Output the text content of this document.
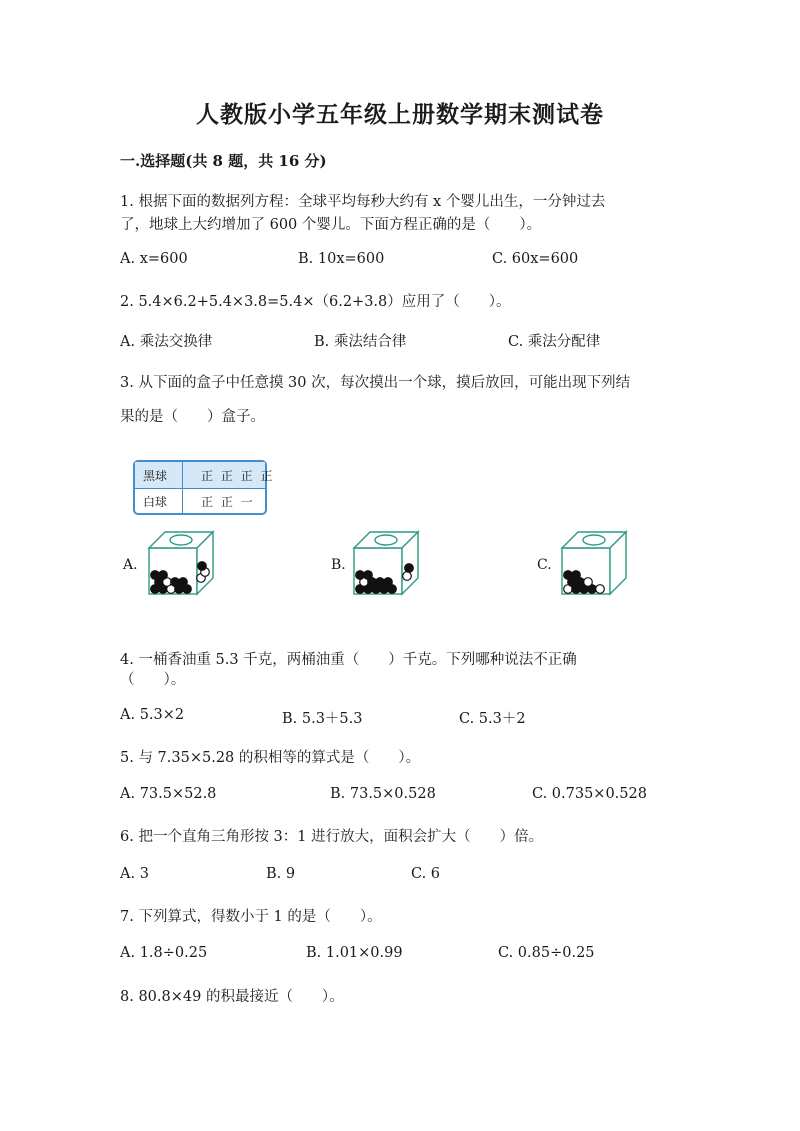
人教版小学五年级上册数学期末测试卷
一.选择题(共 8 题，共 16 分)
1. 根据下面的数据列方程：全球平均每秒大约有 x 个婴儿出生，一分钟过去
了，地球上大约增加了 600 个婴儿。下面方程正确的是（　　）。
A. x=600	B. 10x=600	C. 60x=600
2. 5.4×6.2+5.4×3.8=5.4×（6.2+3.8）应用了（　　）。
A. 乘法交换律	B. 乘法结合律	C. 乘法分配律
3. 从下面的盒子中任意摸 30 次，每次摸出一个球，摸后放回，可能出现下列结
果的是（　　）盒子。
黑球	正 正 正 正
白球	正 正 一
A.	B.	C.
4. 一桶香油重 5.3 千克，两桶油重（　　）千克。下列哪种说法不正确
（　　）。
A. 5.3×2	B. 5.3＋5.3	C. 5.3＋2
5. 与 7.35×5.28 的积相等的算式是（　　）。
A. 73.5×52.8	B. 73.5×0.528	C. 0.735×0.528
6. 把一个直角三角形按 3：1 进行放大，面积会扩大（　　）倍。
A. 3	B. 9	C. 6
7. 下列算式，得数小于 1 的是（　　）。
A. 1.8÷0.25	B. 1.01×0.99	C. 0.85÷0.25
8. 80.8×49 的积最接近（　　）。
